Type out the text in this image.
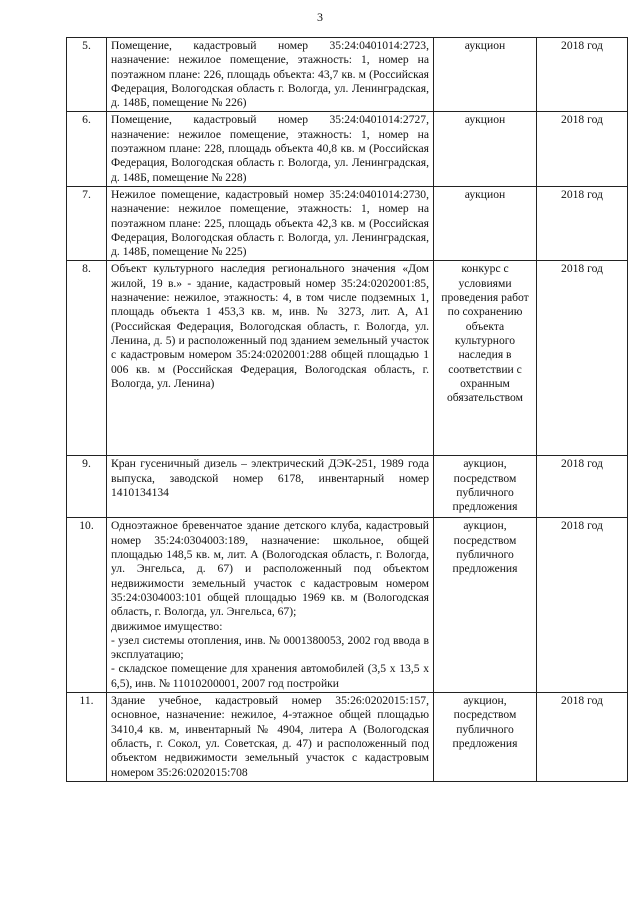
3
5.	Помещение, кадастровый номер 35:24:0401014:2723, назначение: нежилое помещение, этажность: 1, номер на поэтажном плане: 226, площадь объекта: 43,7 кв. м (Российская Федерация, Вологодская область г. Вологда, ул. Ленинградская, д. 148Б, помещение № 226)	аукцион	2018 год
6.	Помещение, кадастровый номер 35:24:0401014:2727, назначение: нежилое помещение, этажность: 1, номер на поэтажном плане: 228, площадь объекта 40,8 кв. м (Российская Федерация, Вологодская область г. Вологда, ул. Ленинградская, д. 148Б, помещение № 228)	аукцион	2018 год
7.	Нежилое помещение, кадастровый номер 35:24:0401014:2730, назначение: нежилое помещение, этажность: 1, номер на поэтажном плане: 225, площадь объекта 42,3 кв. м (Российская Федерация, Вологодская область г. Вологда, ул. Ленинградская, д. 148Б, помещение № 225)	аукцион	2018 год
8.	Объект культурного наследия регионального значения «Дом жилой, 19 в.» - здание, кадастровый номер 35:24:0202001:85, назначение: нежилое, этажность: 4, в том числе подземных 1, площадь объекта 1 453,3 кв. м, инв. № 3273, лит. А, А1 (Российская Федерация, Вологодская область, г. Вологда, ул. Ленина, д. 5) и расположенный под зданием земельный участок с кадастровым номером 35:24:0202001:288 общей площадью 1 006 кв. м (Российская Федерация, Вологодская область, г. Вологда, ул. Ленина)	конкурс с условиями проведения работ по сохранению объекта культурного наследия в соответствии с охранным обязательством	2018 год
9.	Кран гусеничный дизель – электрический ДЭК-251, 1989 года выпуска, заводской номер 6178, инвентарный номер 1410134134	аукцион, посредством публичного предложения	2018 год
10.	Одноэтажное бревенчатое здание детского клуба, кадастровый номер 35:24:0304003:189, назначение: школьное, общей площадью 148,5 кв. м, лит. А (Вологодская область, г. Вологда, ул. Энгельса, д. 67) и расположенный под объектом недвижимости земельный участок с кадастровым номером 35:24:0304003:101 общей площадью 1969 кв. м (Вологодская область, г. Вологда, ул. Энгельса, 67);
движимое имущество:
- узел системы отопления, инв. № 0001380053, 2002 год ввода в эксплуатацию;
- складское помещение для хранения автомобилей (3,5 x 13,5 x 6,5), инв. № 11010200001, 2007 год постройки	аукцион, посредством публичного предложения	2018 год
11.	Здание учебное, кадастровый номер 35:26:0202015:157, основное, назначение: нежилое, 4-этажное общей площадью 3410,4 кв. м, инвентарный № 4904, литера А (Вологодская область, г. Сокол, ул. Советская, д. 47) и расположенный под объектом недвижимости земельный участок с кадастровым номером 35:26:0202015:708	аукцион, посредством публичного предложения	2018 год
